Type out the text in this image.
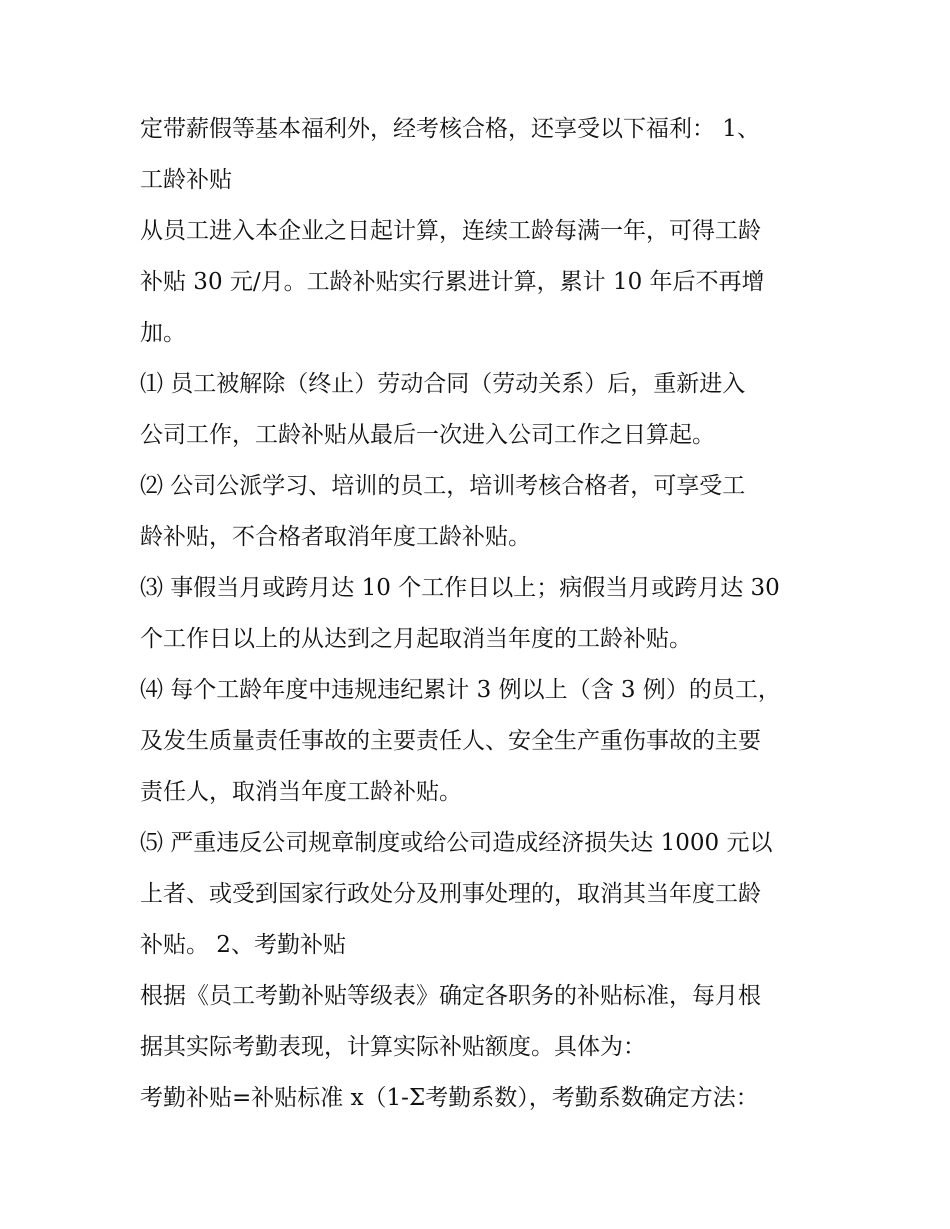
定带薪假等基本福利外，经考核合格，还享受以下福利： 1、
工龄补贴
从员工进入本企业之日起计算，连续工龄每满一年，可得工龄
补贴 30 元/月。工龄补贴实行累进计算，累计 10 年后不再增
加。
⑴ 员工被解除（终止）劳动合同（劳动关系）后，重新进入
公司工作，工龄补贴从最后一次进入公司工作之日算起。
⑵ 公司公派学习、培训的员工，培训考核合格者，可享受工
龄补贴，不合格者取消年度工龄补贴。
⑶ 事假当月或跨月达 10 个工作日以上；病假当月或跨月达 30
个工作日以上的从达到之月起取消当年度的工龄补贴。
⑷ 每个工龄年度中违规违纪累计 3 例以上（含 3 例）的员工，
及发生质量责任事故的主要责任人、安全生产重伤事故的主要
责任人，取消当年度工龄补贴。
⑸ 严重违反公司规章制度或给公司造成经济损失达 1000 元以
上者、或受到国家行政处分及刑事处理的，取消其当年度工龄
补贴。 2、考勤补贴
根据《员工考勤补贴等级表》确定各职务的补贴标准，每月根
据其实际考勤表现，计算实际补贴额度。具体为：
考勤补贴=补贴标准 x（1-Σ考勤系数），考勤系数确定方法：
